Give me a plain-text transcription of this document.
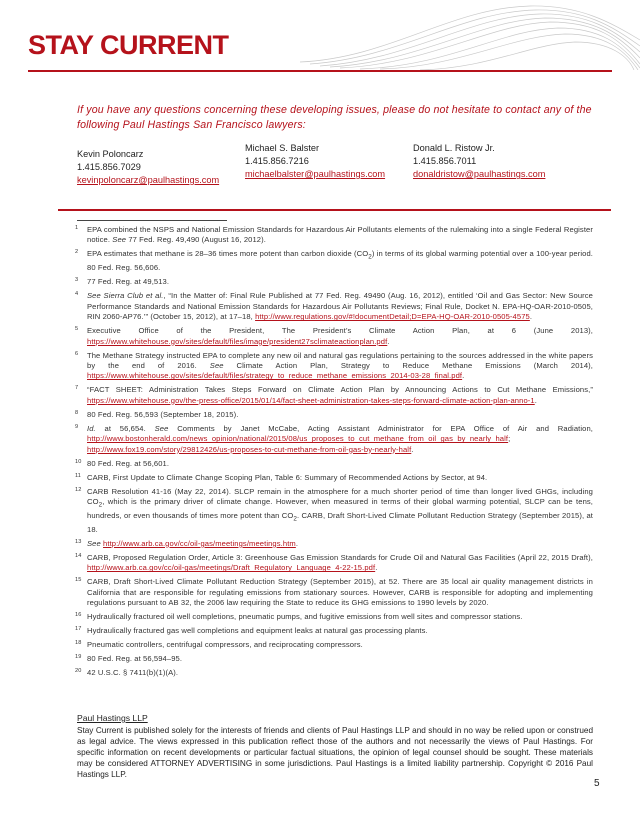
STAY CURRENT
If you have any questions concerning these developing issues, please do not hesitate to contact any of the following Paul Hastings San Francisco lawyers:
Kevin Poloncarz
1.415.856.7029
kevinpoloncarz@paulhastings.com
Michael S. Balster
1.415.856.7216
michaelbalster@paulhastings.com
Donald L. Ristow Jr.
1.415.856.7011
donaldristow@paulhastings.com
1 EPA combined the NSPS and National Emission Standards for Hazardous Air Pollutants elements of the rulemaking into a single Federal Register notice. See 77 Fed. Reg. 49,490 (August 16, 2012).
2 EPA estimates that methane is 28–36 times more potent than carbon dioxide $(CO_2)$ in terms of its global warming potential over a 100-year period. 80 Fed. Reg. 56,606.
3 77 Fed. Reg. at 49,513.
4 See Sierra Club et al., “In the Matter of: Final Rule Published at 77 Fed. Reg. 49490 (Aug. 16, 2012), entitled ‘Oil and Gas Sector: New Source Performance Standards and National Emission Standards for Hazardous Air Pollutants Reviews; Final Rule, Docket N. EPA-HQ-OAR-2010-0505, RIN 2060-AP76.’” (October 15, 2012), at 17–18, http://www.regulations.gov/#!documentDetail;D=EPA-HQ-OAR-2010-0505-4575.
5 Executive Office of the President, The President’s Climate Action Plan, at 6 (June 2013), https://www.whitehouse.gov/sites/default/files/image/president27sclimateactionplan.pdf.
6 The Methane Strategy instructed EPA to complete any new oil and natural gas regulations pertaining to the sources addressed in the white papers by the end of 2016. See Climate Action Plan, Strategy to Reduce Methane Emissions (March 2014), https://www.whitehouse.gov/sites/default/files/strategy_to_reduce_methane_emissions_2014-03-28_final.pdf.
7 “FACT SHEET: Administration Takes Steps Forward on Climate Action Plan by Announcing Actions to Cut Methane Emissions,” https://www.whitehouse.gov/the-press-office/2015/01/14/fact-sheet-administration-takes-steps-forward-climate-action-plan-anno-1.
8 80 Fed. Reg. 56,593 (September 18, 2015).
9 Id. at 56,654. See Comments by Janet McCabe, Acting Assistant Administrator for EPA Office of Air and Radiation, http://www.bostonherald.com/news_opinion/national/2015/08/us_proposes_to_cut_methane_from_oil_gas_by_nearly_half; http://www.fox19.com/story/29812426/us-proposes-to-cut-methane-from-oil-gas-by-nearly-half.
10 80 Fed. Reg. at 56,601.
11 CARB, First Update to Climate Change Scoping Plan, Table 6: Summary of Recommended Actions by Sector, at 94.
12 CARB Resolution 41-16 (May 22, 2014). SLCP remain in the atmosphere for a much shorter period of time than longer lived GHGs, including $CO_2$, which is the primary driver of climate change. However, when measured in terms of their global warming potential, SLCP can be tens, hundreds, or even thousands of times more potent than $CO_2$. CARB, Draft Short-Lived Climate Pollutant Reduction Strategy (September 2015), at 18.
13 See http://www.arb.ca.gov/cc/oil-gas/meetings/meetings.htm.
14 CARB, Proposed Regulation Order, Article 3: Greenhouse Gas Emission Standards for Crude Oil and Natural Gas Facilities (April 22, 2015 Draft), http://www.arb.ca.gov/cc/oil-gas/meetings/Draft_Regulatory_Language_4-22-15.pdf.
15 CARB, Draft Short-Lived Climate Pollutant Reduction Strategy (September 2015), at 52. There are 35 local air quality management districts in California that are responsible for regulating emissions from stationary sources. However, CARB is responsible for adopting and implementing regulations pursuant to AB 32, the 2006 law requiring the State to reduce its GHG emissions to 1990 levels by 2020.
16 Hydraulically fractured oil well completions, pneumatic pumps, and fugitive emissions from well sites and compressor stations.
17 Hydraulically fractured gas well completions and equipment leaks at natural gas processing plants.
18 Pneumatic controllers, centrifugal compressors, and reciprocating compressors.
19 80 Fed. Reg. at 56,594–95.
20 42 U.S.C. § 7411(b)(1)(A).
Paul Hastings LLP
Stay Current is published solely for the interests of friends and clients of Paul Hastings LLP and should in no way be relied upon or construed as legal advice. The views expressed in this publication reflect those of the authors and not necessarily the views of Paul Hastings. For specific information on recent developments or particular factual situations, the opinion of legal counsel should be sought. These materials may be considered ATTORNEY ADVERTISING in some jurisdictions. Paul Hastings is a limited liability partnership. Copyright © 2016 Paul Hastings LLP.
5
